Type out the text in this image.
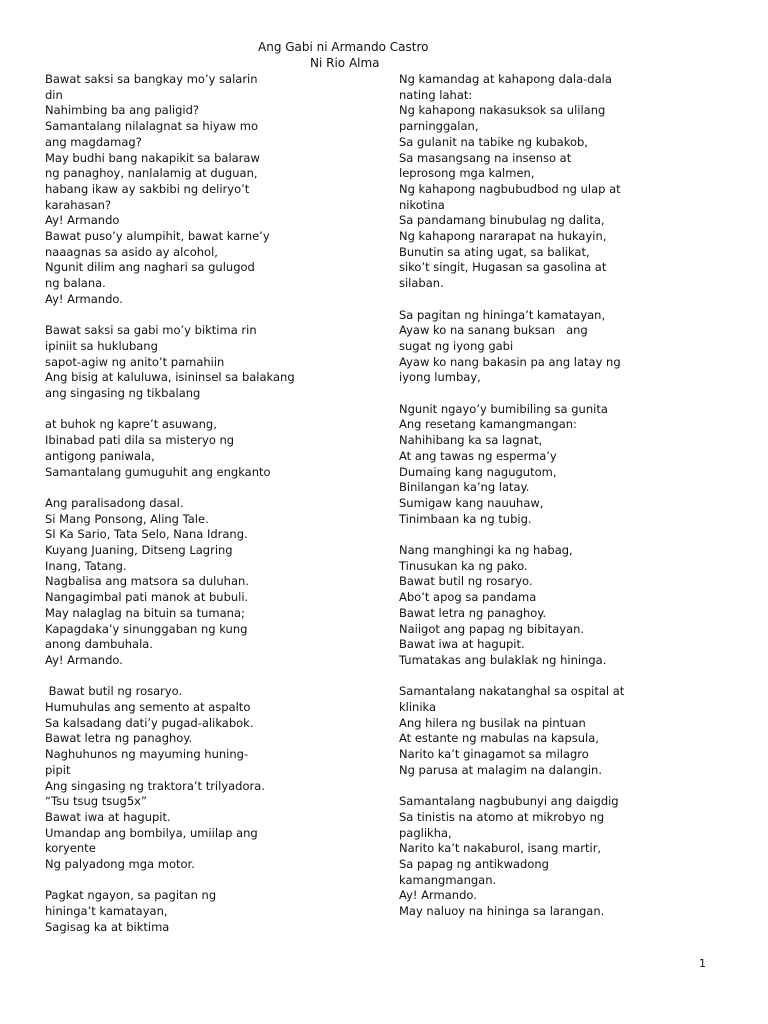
Ang Gabi ni Armando Castro
Ni Rio Alma
Bawat saksi sa bangkay mo’y salarin
din
Nahimbing ba ang paligid?
Samantalang nilalagnat sa hiyaw mo
ang magdamag?
May budhi bang nakapikit sa balaraw
ng panaghoy, nanlalamig at duguan,
habang ikaw ay sakbibi ng deliryo’t
karahasan?
Ay! Armando
Bawat puso’y alumpihit, bawat karne’y
naaagnas sa asido ay alcohol,
Ngunit dilim ang naghari sa gulugod
ng balana.
Ay! Armando.
Bawat saksi sa gabi mo’y biktima rin
ipiniit sa huklubang
sapot-agiw ng anito’t pamahiin
Ang bisig at kaluluwa, isininsel sa balakang
ang singasing ng tikbalang
at buhok ng kapre’t asuwang,
Ibinabad pati dila sa misteryo ng
antigong paniwala,
Samantalang gumuguhit ang engkanto
Ang paralisadong dasal.
Si Mang Ponsong, Aling Tale.
SI Ka Sario, Tata Selo, Nana Idrang.
Kuyang Juaning, Ditseng Lagring
Inang, Tatang.
Nagbalisa ang matsora sa duluhan.
Nangagimbal pati manok at bubuli.
May nalaglag na bituin sa tumana;
Kapagdaka’y sinunggaban ng kung
anong dambuhala.
Ay! Armando.
Bawat butil ng rosaryo.
Humuhulas ang semento at aspalto
Sa kalsadang dati’y pugad-alikabok.
Bawat letra ng panaghoy.
Naghuhunos ng mayuming huning-
pipit
Ang singasing ng traktora’t trilyadora.
“Tsu tsug tsug5x”
Bawat iwa at hagupit.
Umandap ang bombilya, umiilap ang
koryente
Ng palyadong mga motor.
Pagkat ngayon, sa pagitan ng
hininga’t kamatayan,
Sagisag ka at biktima
Ng kamandag at kahapong dala-dala
nating lahat:
Ng kahapong nakasuksok sa ulilang
parninggalan,
Sa gulanit na tabike ng kubakob,
Sa masangsang na insenso at
leprosong mga kalmen,
Ng kahapong nagbubudbod ng ulap at
nikotina
Sa pandamang binubulag ng dalita,
Ng kahapong nararapat na hukayin,
Bunutin sa ating ugat, sa balikat,
siko’t singit, Hugasan sa gasolina at
silaban.
Sa pagitan ng hininga’t kamatayan,
Ayaw ko na sanang buksan   ang
sugat ng iyong gabi
Ayaw ko nang bakasin pa ang latay ng
iyong lumbay,
Ngunit ngayo’y bumibiling sa gunita
Ang resetang kamangmangan:
Nahihibang ka sa lagnat,
At ang tawas ng esperma’y
Dumaing kang nagugutom,
Binilangan ka’ng latay.
Sumigaw kang nauuhaw,
Tinimbaan ka ng tubig.
Nang manghingi ka ng habag,
Tinusukan ka ng pako.
Bawat butil ng rosaryo.
Abo’t apog sa pandama
Bawat letra ng panaghoy.
Naiigot ang papag ng bibitayan.
Bawat iwa at hagupit.
Tumatakas ang bulaklak ng hininga.
Samantalang nakatanghal sa ospital at
klinika
Ang hilera ng busilak na pintuan
At estante ng mabulas na kapsula,
Narito ka’t ginagamot sa milagro
Ng parusa at malagim na dalangin.
Samantalang nagbubunyi ang daigdig
Sa tinistis na atomo at mikrobyo ng
paglikha,
Narito ka’t nakaburol, isang martir,
Sa papag ng antikwadong
kamangmangan.
Ay! Armando.
May naluoy na hininga sa larangan.
1
